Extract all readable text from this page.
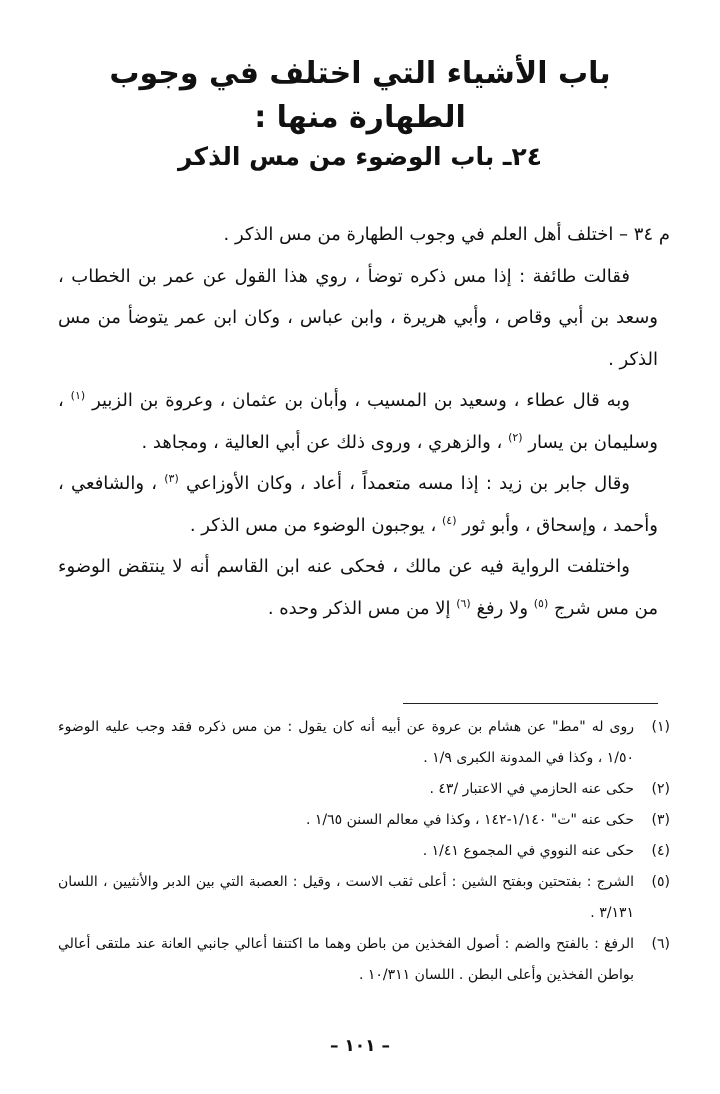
باب الأشياء التي اختلف في وجوب الطهارة منها :
٢٤ـ باب الوضوء من مس الذكر

م ٣٤ – اختلف أهل العلم في وجوب الطهارة من مس الذكر .

فقالت طائفة : إذا مس ذكره توضأ ، روي هذا القول عن عمر بن الخطاب ، وسعد بن أبي وقاص ، وأبي هريرة ، وابن عباس ، وكان ابن عمر يتوضأ من مس الذكر .

وبه قال عطاء ، وسعيد بن المسيب ، وأبان بن عثمان ، وعروة بن الزبير $^{(١)}$ ، وسليمان بن يسار $^{(٢)}$ ، والزهري ، وروى ذلك عن أبي العالية ، ومجاهد .

وقال جابر بن زيد : إذا مسه متعمداً ، أعاد ، وكان الأوزاعي $^{(٣)}$ ، والشافعي ، وأحمد ، وإسحاق ، وأبو ثور $^{(٤)}$ ، يوجبون الوضوء من مس الذكر .

واختلفت الرواية فيه عن مالك ، فحكى عنه ابن القاسم أنه لا ينتقض الوضوء من مس شرج $^{(٥)}$ ولا رفغ $^{(٦)}$ إلا من مس الذكر وحده .

(١)
روى له "مط" عن هشام بن عروة عن أبيه أنه كان يقول : من مس ذكره فقد وجب عليه الوضوء ١/٥٠ ، وكذا في المدونة الكبرى ١/٩ .
(٢)
حكى عنه الحازمي في الاعتبار /٤٣ .
(٣)
حكى عنه "ت" ١/١٤٠-١٤٢ ، وكذا في معالم السنن ١/٦٥ .
(٤)
حكى عنه النووي في المجموع ١/٤١ .
(٥)
الشرج : بفتحتين وبفتح الشين : أعلى ثقب الاست ، وقيل : العصبة التي بين الدبر والأنثيين ، اللسان ٣/١٣١ .
(٦)
الرفغ : بالفتح والضم : أصول الفخذين من باطن وهما ما اكتنفا أعالي جانبي العانة عند ملتقى أعالي بواطن الفخذين وأعلى البطن . اللسان ١٠/٣١١ .
– ١٠١ –
